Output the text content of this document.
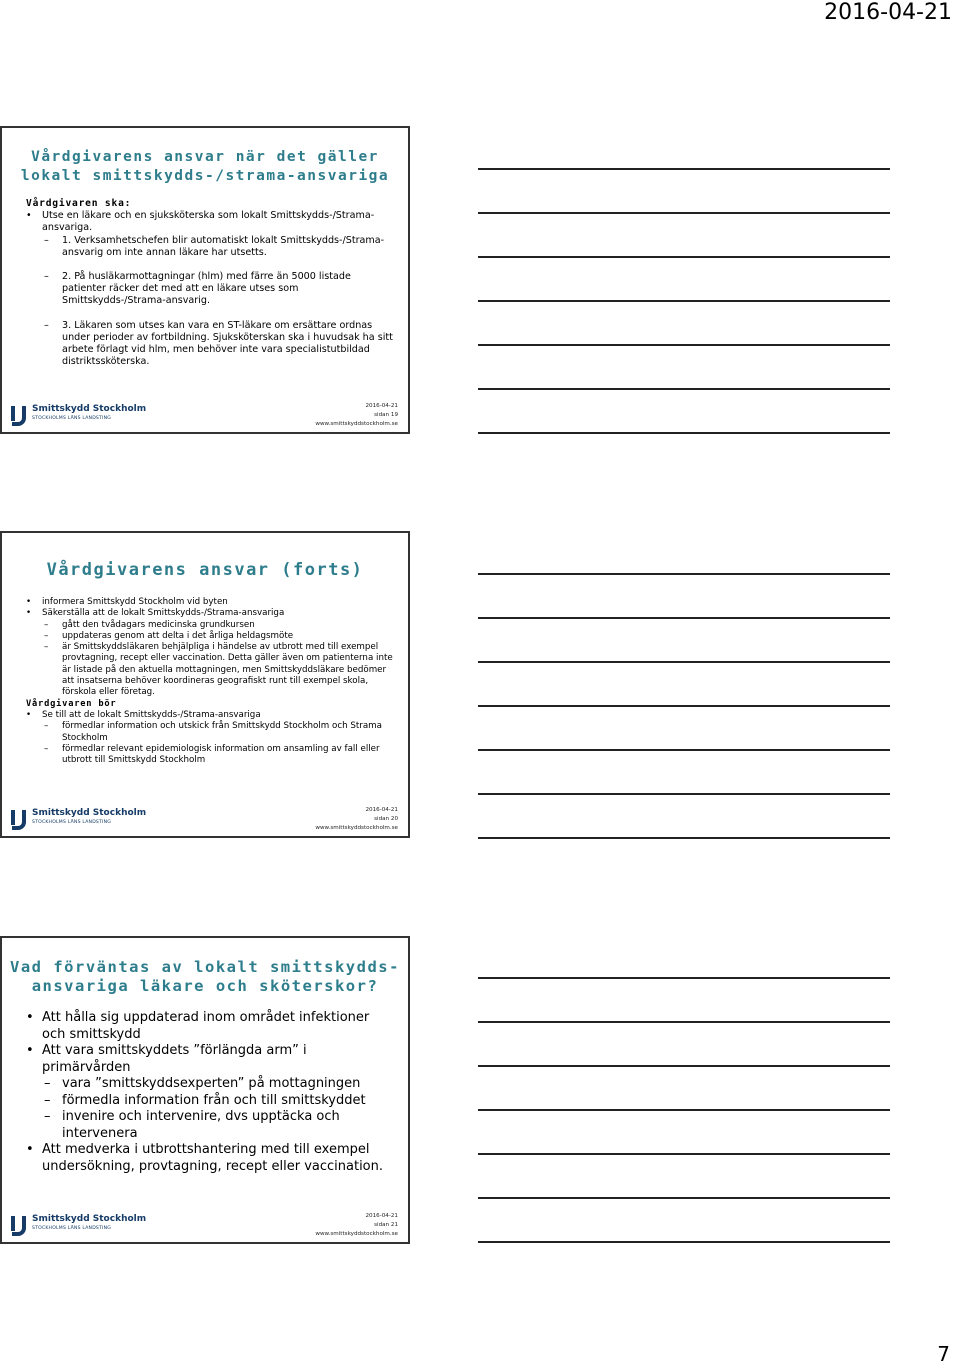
2016-04-21
Vårdgivarens ansvar när det gäller
lokalt smittskydds-/strama-ansvariga
Vårdgivaren ska:
• Utse en läkare och en sjuksköterska som lokalt Smittskydds-/Strama-ansvariga.
– 1. Verksamhetschefen blir automatiskt lokalt Smittskydds-/Strama-ansvarig om inte annan läkare har utsetts.
– 2. På husläkarmottagningar (hlm) med färre än 5000 listade patienter räcker det med att en läkare utses som Smittskydds-/Strama-ansvarig.
– 3. Läkaren som utses kan vara en ST-läkare om ersättare ordnas under perioder av fortbildning. Sjuksköterskan ska i huvudsak ha sitt arbete förlagt vid hlm, men behöver inte vara specialistutbildad distriktssköterska.
Smittskydd Stockholm
STOCKHOLMS LÄNS LANDSTING
2016-04-21
sidan 19
www.smittskyddstockholm.se
Vårdgivarens ansvar (forts)
• informera Smittskydd Stockholm vid byten
• Säkerställa att de lokalt Smittskydds-/Strama-ansvariga
– gått den tvådagars medicinska grundkursen
– uppdateras genom att delta i det årliga heldagsmöte
– är Smittskyddsläkaren behjälpliga i händelse av utbrott med till exempel provtagning, recept eller vaccination. Detta gäller även om patienterna inte är listade på den aktuella mottagningen, men Smittskyddsläkare bedömer att insatserna behöver koordineras geografiskt runt till exempel skola, förskola eller företag.
Vårdgivaren bör
• Se till att de lokalt Smittskydds-/Strama-ansvariga
– förmedlar information och utskick från Smittskydd Stockholm och Strama Stockholm
– förmedlar relevant epidemiologisk information om ansamling av fall eller utbrott till Smittskydd Stockholm
Smittskydd Stockholm
STOCKHOLMS LÄNS LANDSTING
2016-04-21
sidan 20
www.smittskyddstockholm.se
Vad förväntas av lokalt smittskydds-
ansvariga läkare och sköterskor?
• Att hålla sig uppdaterad inom området infektioner och smittskydd
• Att vara smittskyddets ”förlängda arm” i primärvården
– vara ”smittskyddsexperten” på mottagningen
– förmedla information från och till smittskyddet
– invenire och intervenire, dvs upptäcka och intervenera
• Att medverka i utbrottshantering med till exempel undersökning, provtagning, recept eller vaccination.
Smittskydd Stockholm
STOCKHOLMS LÄNS LANDSTING
2016-04-21
sidan 21
www.smittskyddstockholm.se
7
